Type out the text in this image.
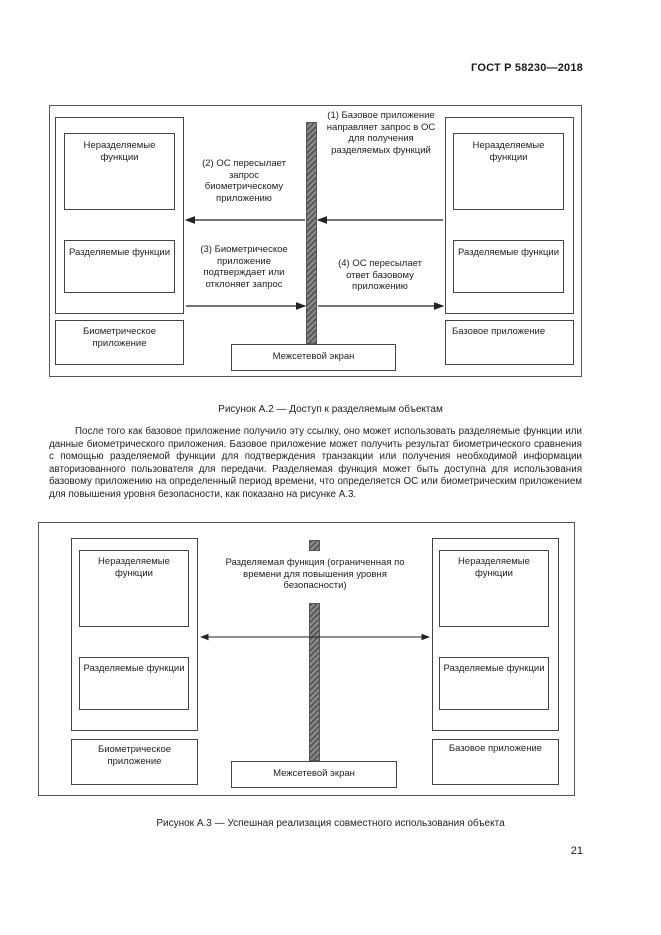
ГОСТ Р 58230—2018
Неразделяемые функции
Разделяемые функции
Биометрическое приложение
Неразделяемые функции
Разделяемые функции
Базовое приложение
Межсетевой экран
(1) Базовое приложение направляет запрос в ОС для получения разделяемых функций
(2) ОС пересылает запрос биометрическому приложению
(3) Биометрическое приложение подтверждает или отклоняет запрос
(4) ОС пересылает ответ базовому приложению
Рисунок А.2 — Доступ к разделяемым объектам
После того как базовое приложение получило эту ссылку, оно может использовать разделяемые функции или данные биометрического приложения. Базовое приложение может получить результат биометрического сравнения с помощью разделяемой функции для подтверждения транзакции или получения необходимой информации авторизованного пользователя для передачи. Разделяемая функция может быть доступна для использования базовому приложению на определенный период времени, что определяется ОС или биометрическим приложением для повышения уровня безопасности, как показано на рисунке А.3.
Неразделяемые функции
Разделяемые функции
Биометрическое приложение
Неразделяемые функции
Разделяемые функции
Базовое приложение
Межсетевой экран
Разделяемая функция (ограниченная по времени для повышения уровня безопасности)
Рисунок А.3 — Успешная реализация совместного использования объекта
21
